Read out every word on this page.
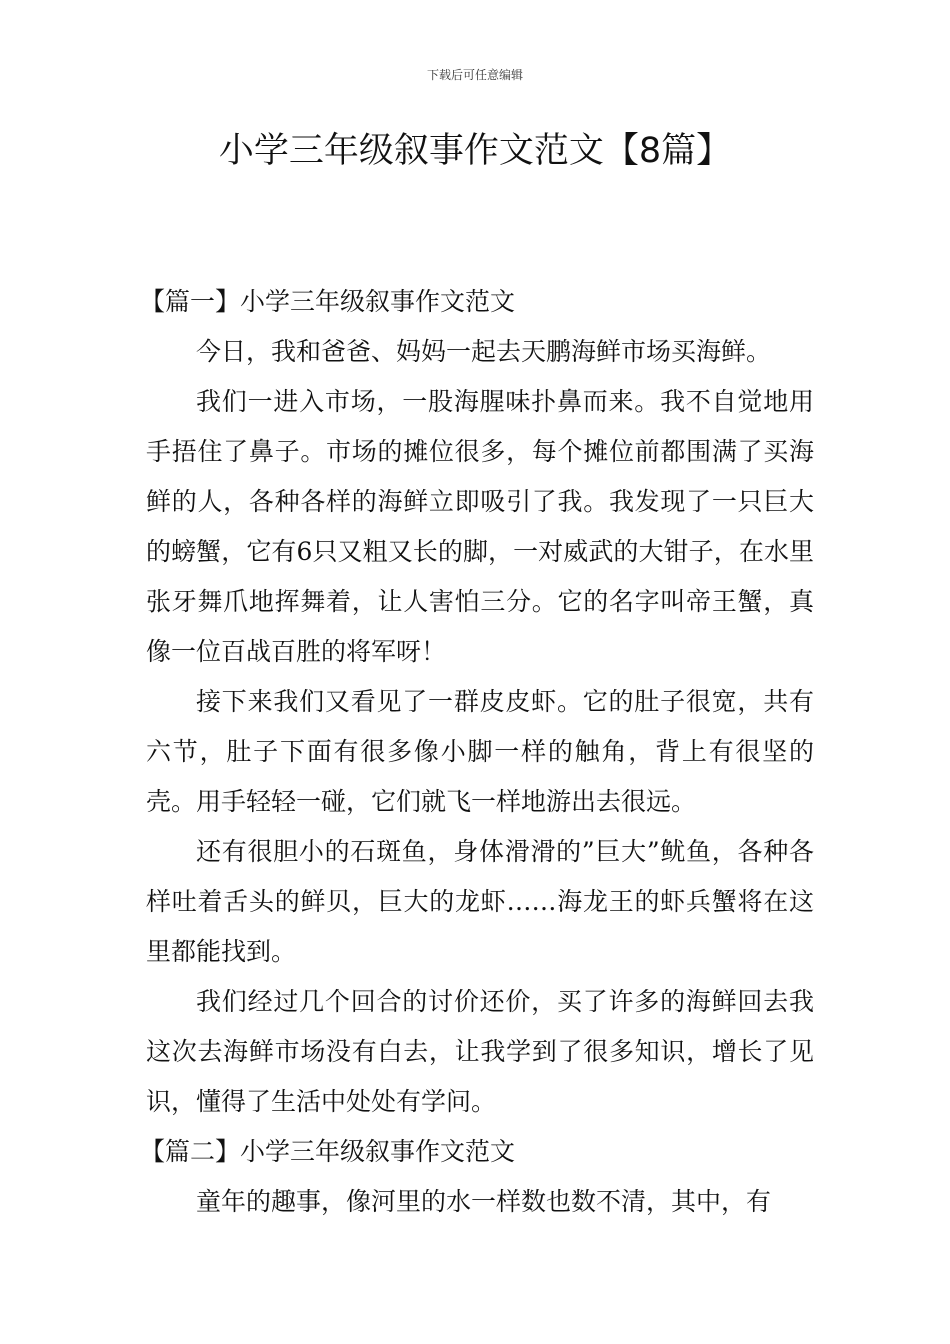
下载后可任意编辑
小学三年级叙事作文范文【8篇】
【篇一】小学三年级叙事作文范文

今日，我和爸爸、妈妈一起去天鹏海鲜市场买海鲜。

我们一进入市场，一股海腥味扑鼻而来。我不自觉地用手捂住了鼻子。市场的摊位很多，每个摊位前都围满了买海鲜的人，各种各样的海鲜立即吸引了我。我发现了一只巨大的螃蟹，它有6只又粗又长的脚，一对威武的大钳子，在水里张牙舞爪地挥舞着，让人害怕三分。它的名字叫帝王蟹，真像一位百战百胜的将军呀！

接下来我们又看见了一群皮皮虾。它的肚子很宽，共有六节，肚子下面有很多像小脚一样的触角，背上有很坚的壳。用手轻轻一碰，它们就飞一样地游出去很远。

还有很胆小的石斑鱼，身体滑滑的”巨大”鱿鱼，各种各样吐着舌头的鲜贝，巨大的龙虾……海龙王的虾兵蟹将在这里都能找到。

我们经过几个回合的讨价还价，买了许多的海鲜回去我这次去海鲜市场没有白去，让我学到了很多知识，增长了见识，懂得了生活中处处有学问。

【篇二】小学三年级叙事作文范文

童年的趣事，像河里的水一样数也数不清，其中，有
